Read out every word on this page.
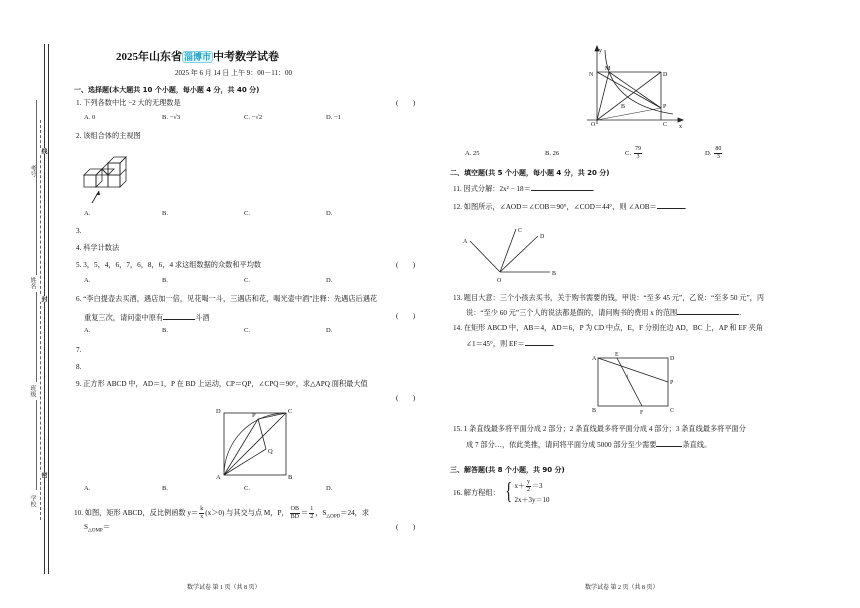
考号
姓名
班级
学校
线
封
密
2025年山东省 淄博市 中考数学试卷
2025 年 6 月 14 日 上午 9：00－11：00
一、选择题(本大题共 10 个小题，每小题 4 分，共 40 分)
1. 下列各数中比 −2 大的无理数是	(　　)
A. 0	B. −√3	C. −√2	D. −1
2. 该组合体的主视图
A.	B.	C.	D.
3.
4. 科学计数法
5. 3，5，4，6，7，6，8，6，4 求这组数据的众数和平均数	(　　)
A.	B.	C.	D.
6. “李白提壶去买酒，遇店加一倍，见花喝一斗，三遇店和花，喝光壶中酒”注释：先遇店后遇花
重复三次，请问壶中原有	斗酒	(　　)
A.	B.	C.	D.
7.
8.
9. 正方形 ABCD 中，AD＝1，P 在 BD 上运动，CP＝QP，∠CPQ＝90°，求△APQ 面积最大值
(　　)
D	C
A	B
P
Q
A.	B.	C.	D.
10. 如图，矩形 ABCD，反比例函数 $y= \frac{k}{x} (x>0)$ 与其交与点 M，P， $\frac{OB}{BD} = \frac{1}{2}$ ，$S_{\triangle OPD}=24$，求
$S_{\triangle OMP}=$	(　　)
数学试卷 第 1 页（共 8 页）
y
x
N
M
D
P
C
B
O
A. 25	B. 26	C. $\frac{79}{3}$	D. $\frac{80}{3}$
二、填空题(共 5 个小题，每小题 4 分，共 20 分)
11. 因式分解：2x² − 18＝	.
12. 如图所示，∠AOD＝∠COB＝90°，∠COD＝44°，则 ∠AOB＝	.
A
C
D
B
O
13. 题目大意：三个小孩去买书，关于购书需要的钱，甲说：“至多 45 元”，乙说：“至多 50 元”，丙
说：“至少 60 元”三个人的说法都是假的，请问购书的费用 x 的范围	.
14. 在矩形 ABCD 中，AB＝4，AD＝6，P 为 CD 中点，E，F 分别在边 AD，BC 上，AP 和 EF 夹角
∠1＝45°，则 EF＝	.
A
E
D
P
B	F	C
1
15. 1 条直线最多将平面分成 2 部分；2 条直线最多将平面分成 4 部分；3 条直线最多将平面分
成 7 部分…，依此类推，请问将平面分成 5000 部分至少需要	条直线。
三、解答题(共 8 个小题，共 90 分)
16. 解方程组： { $x+ \frac{y}{2} =3$
2x＋3y＝10
数学试卷 第 2 页（共 8 页）
